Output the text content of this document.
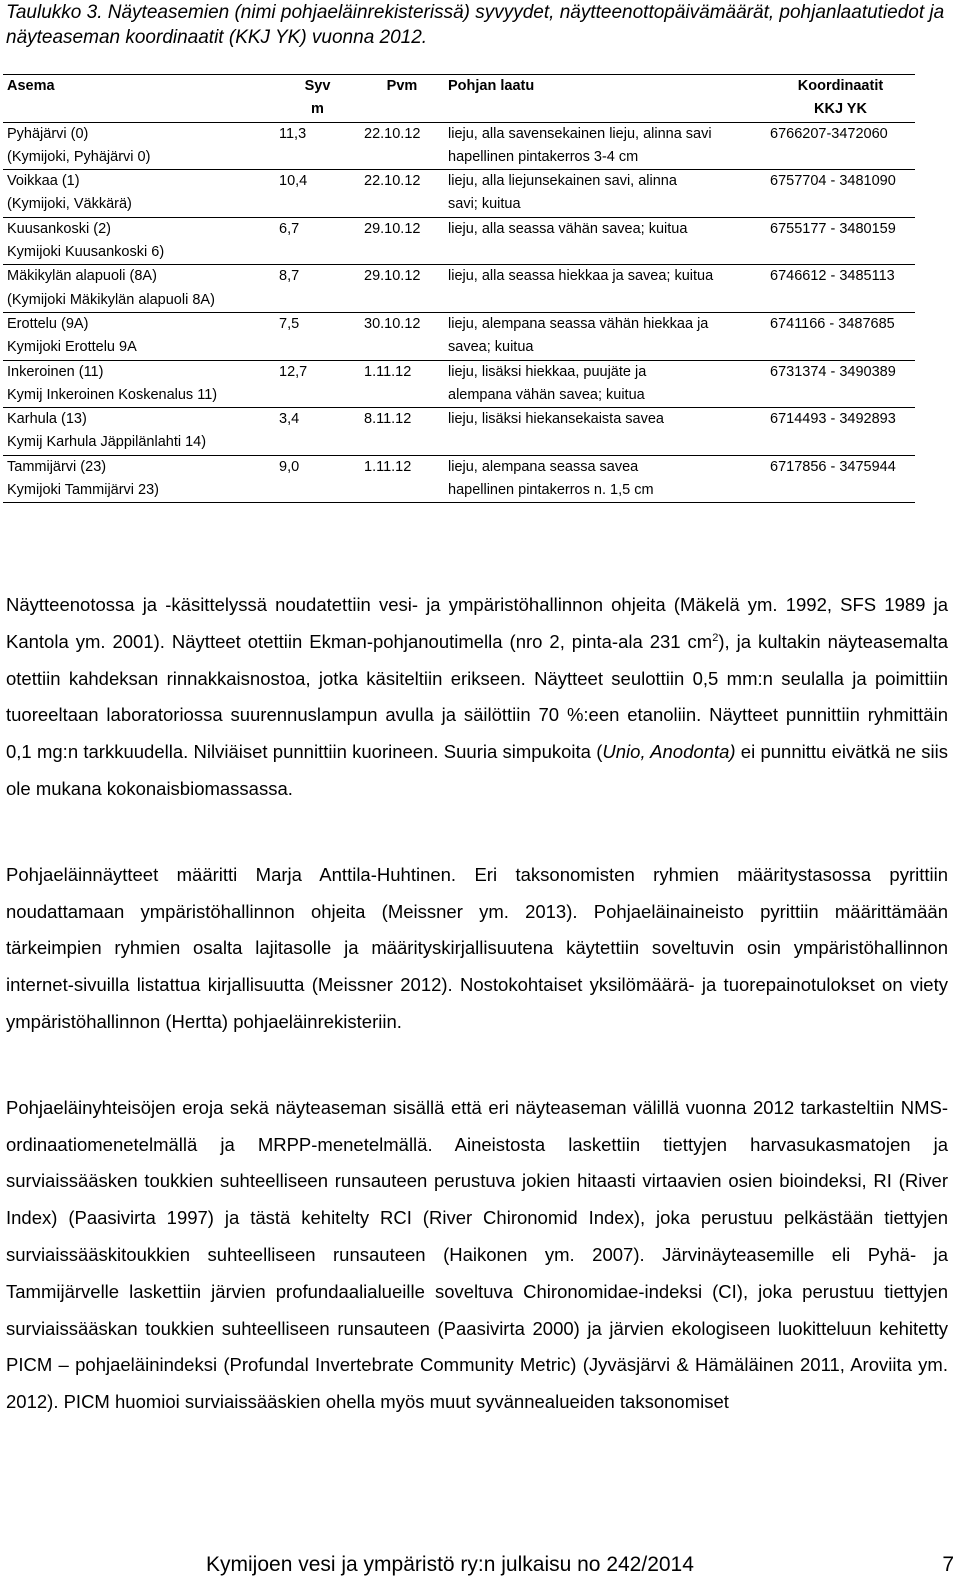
Taulukko 3. Näyteasemien (nimi pohjaeläinrekisterissä) syvyydet, näytteenottopäivämäärät, pohjanlaatutiedot ja näyteaseman koordinaatit (KKJ YK) vuonna 2012.
Asema	Syv	Pvm	Pohjan laatu	Koordinaatit
	m			KKJ YK
Pyhäjärvi (0)	11,3	22.10.12	lieju, alla savensekainen lieju, alinna savi	6766207-3472060
(Kymijoki, Pyhäjärvi 0)			hapellinen pintakerros 3-4 cm	
Voikkaa (1)	10,4	22.10.12	lieju, alla liejunsekainen savi, alinna	6757704 - 3481090
(Kymijoki, Väkkärä)			savi; kuitua	
Kuusankoski (2)	6,7	29.10.12	lieju, alla seassa vähän savea; kuitua	6755177 - 3480159
Kymijoki Kuusankoski 6)				
Mäkikylän alapuoli (8A)	8,7	29.10.12	lieju, alla seassa hiekkaa ja savea; kuitua	6746612 - 3485113
(Kymijoki Mäkikylän alapuoli 8A)				
Erottelu (9A)	7,5	30.10.12	lieju, alempana seassa vähän hiekkaa ja	6741166 - 3487685
Kymijoki Erottelu 9A			savea; kuitua	
Inkeroinen (11)	12,7	1.11.12	lieju, lisäksi hiekkaa, puujäte ja	6731374 - 3490389
Kymij Inkeroinen Koskenalus 11)			alempana vähän savea; kuitua	
Karhula (13)	3,4	8.11.12	lieju, lisäksi hiekansekaista savea	6714493 - 3492893
Kymij Karhula Jäppilänlahti 14)				
Tammijärvi (23)	9,0	1.11.12	lieju, alempana seassa savea	6717856 - 3475944
Kymijoki Tammijärvi 23)			hapellinen pintakerros n. 1,5 cm	

Näytteenotossa ja -käsittelyssä noudatettiin vesi- ja ympäristöhallinnon ohjeita (Mäkelä ym. 1992, SFS 1989 ja Kantola ym. 2001). Näytteet otettiin Ekman-pohjanoutimella (nro 2, pinta-ala 231 $cm^2$), ja kultakin näyteasemalta otettiin kahdeksan rinnakkaisnostoa, jotka käsiteltiin erikseen. Näytteet seulottiin 0,5 mm:n seulalla ja poimittiin tuoreeltaan laboratoriossa suurennuslampun avulla ja säilöttiin 70 %:een etanoliin. Näytteet punnittiin ryhmittäin 0,1 mg:n tarkkuudella. Nilviäiset punnittiin kuorineen. Suuria simpukoita (Unio, Anodonta) ei punnittu eivätkä ne siis ole mukana kokonaisbiomassassa.

Pohjaeläinnäytteet määritti Marja Anttila-Huhtinen. Eri taksonomisten ryhmien määritystasossa pyrittiin noudattamaan ympäristöhallinnon ohjeita (Meissner ym. 2013). Pohjaeläinaineisto pyrittiin määrittämään tärkeimpien ryhmien osalta lajitasolle ja määrityskirjallisuutena käytettiin soveltuvin osin ympäristöhallinnon internet-sivuilla listattua kirjallisuutta (Meissner 2012). Nostokohtaiset yksilömäärä- ja tuorepainotulokset on viety ympäristöhallinnon (Hertta) pohjaeläinrekisteriin.

Pohjaeläinyhteisöjen eroja sekä näyteaseman sisällä että eri näyteaseman välillä vuonna 2012 tarkasteltiin NMS-ordinaatiomenetelmällä ja MRPP-menetelmällä. Aineistosta laskettiin tiettyjen harvasukasmatojen ja surviaissääsken toukkien suhteelliseen runsauteen perustuva jokien hitaasti virtaavien osien bioindeksi, RI (River Index) (Paasivirta 1997) ja tästä kehitelty RCI (River Chironomid Index), joka perustuu pelkästään tiettyjen surviaissääskitoukkien suhteelliseen runsauteen (Haikonen ym. 2007). Järvinäyteasemille eli Pyhä- ja Tammijärvelle laskettiin järvien profundaalialueille soveltuva Chironomidae-indeksi (CI), joka perustuu tiettyjen surviaissääskan toukkien suhteelliseen runsauteen (Paasivirta 2000) ja järvien ekologiseen luokitteluun kehitetty PICM – pohjaeläinindeksi (Profundal Invertebrate Community Metric) (Jyväsjärvi & Hämäläinen 2011, Aroviita ym. 2012). PICM huomioi surviaissääskien ohella myös muut syvännealueiden taksonomiset

Kymijoen vesi ja ympäristö ry:n julkaisu no 242/2014	7
